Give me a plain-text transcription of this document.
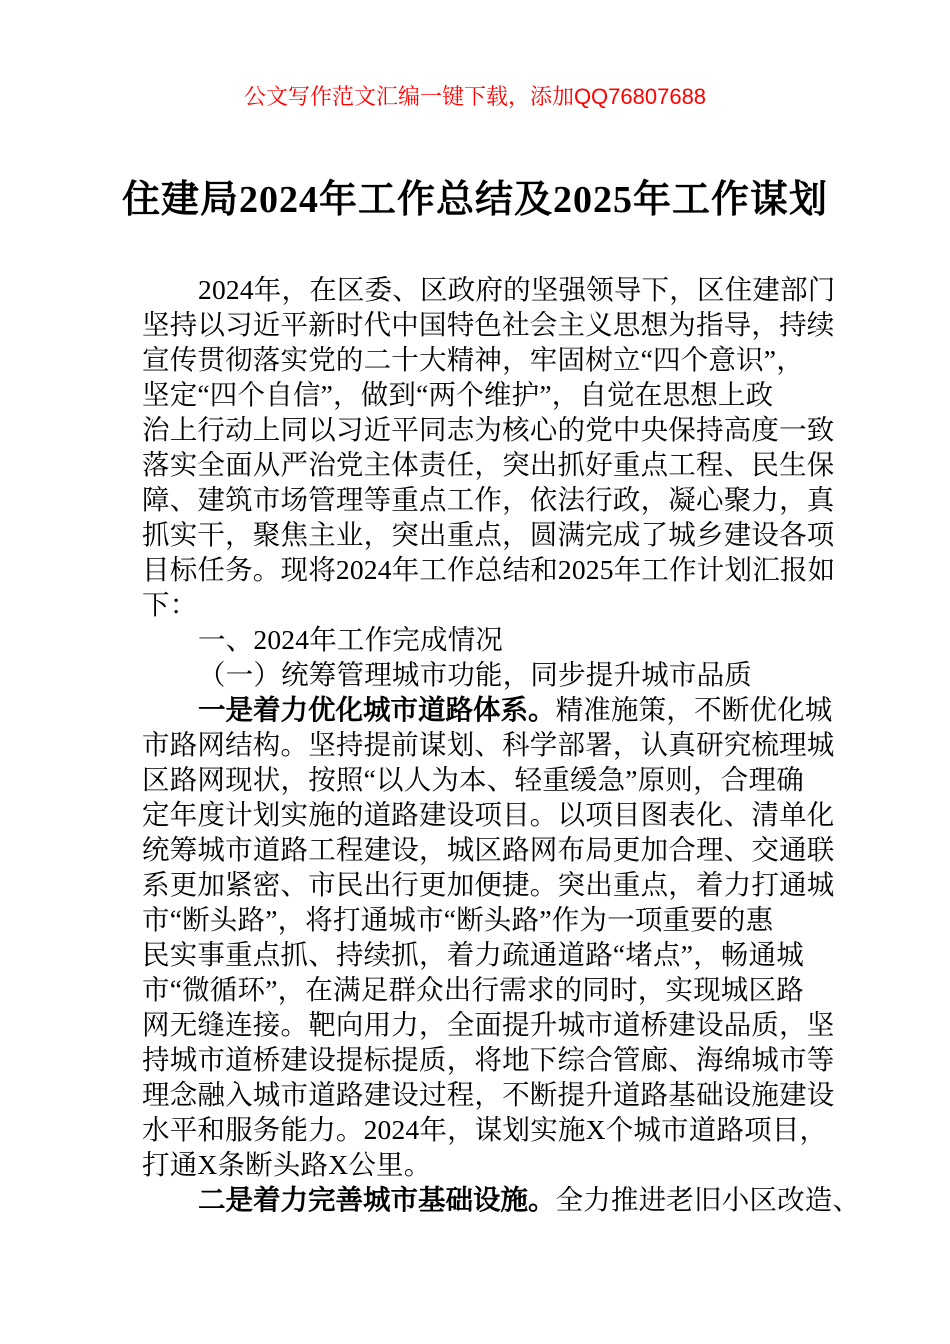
公文写作范文汇编一键下载，添加QQ76807688
住建局2024年工作总结及2025年工作谋划
2024年，在区委、区政府的坚强领导下，区住建部门
坚持以习近平新时代中国特色社会主义思想为指导，持续
宣传贯彻落实党的二十大精神，牢固树立“四个意识”，
坚定“四个自信”，做到“两个维护”，自觉在思想上政
治上行动上同以习近平同志为核心的党中央保持高度一致
落实全面从严治党主体责任，突出抓好重点工程、民生保
障、建筑市场管理等重点工作，依法行政，凝心聚力，真
抓实干，聚焦主业，突出重点，圆满完成了城乡建设各项
目标任务。现将2024年工作总结和2025年工作计划汇报如
下：
一、2024年工作完成情况
（一）统筹管理城市功能，同步提升城市品质
一是着力优化城市道路体系。精准施策，不断优化城
市路网结构。坚持提前谋划、科学部署，认真研究梳理城
区路网现状，按照“以人为本、轻重缓急”原则，合理确
定年度计划实施的道路建设项目。以项目图表化、清单化
统筹城市道路工程建设，城区路网布局更加合理、交通联
系更加紧密、市民出行更加便捷。突出重点，着力打通城
市“断头路”，将打通城市“断头路”作为一项重要的惠
民实事重点抓、持续抓，着力疏通道路“堵点”，畅通城
市“微循环”，在满足群众出行需求的同时，实现城区路
网无缝连接。靶向用力，全面提升城市道桥建设品质，坚
持城市道桥建设提标提质，将地下综合管廊、海绵城市等
理念融入城市道路建设过程，不断提升道路基础设施建设
水平和服务能力。2024年，谋划实施X个城市道路项目，
打通X条断头路X公里。
二是着力完善城市基础设施。全力推进老旧小区改造、
